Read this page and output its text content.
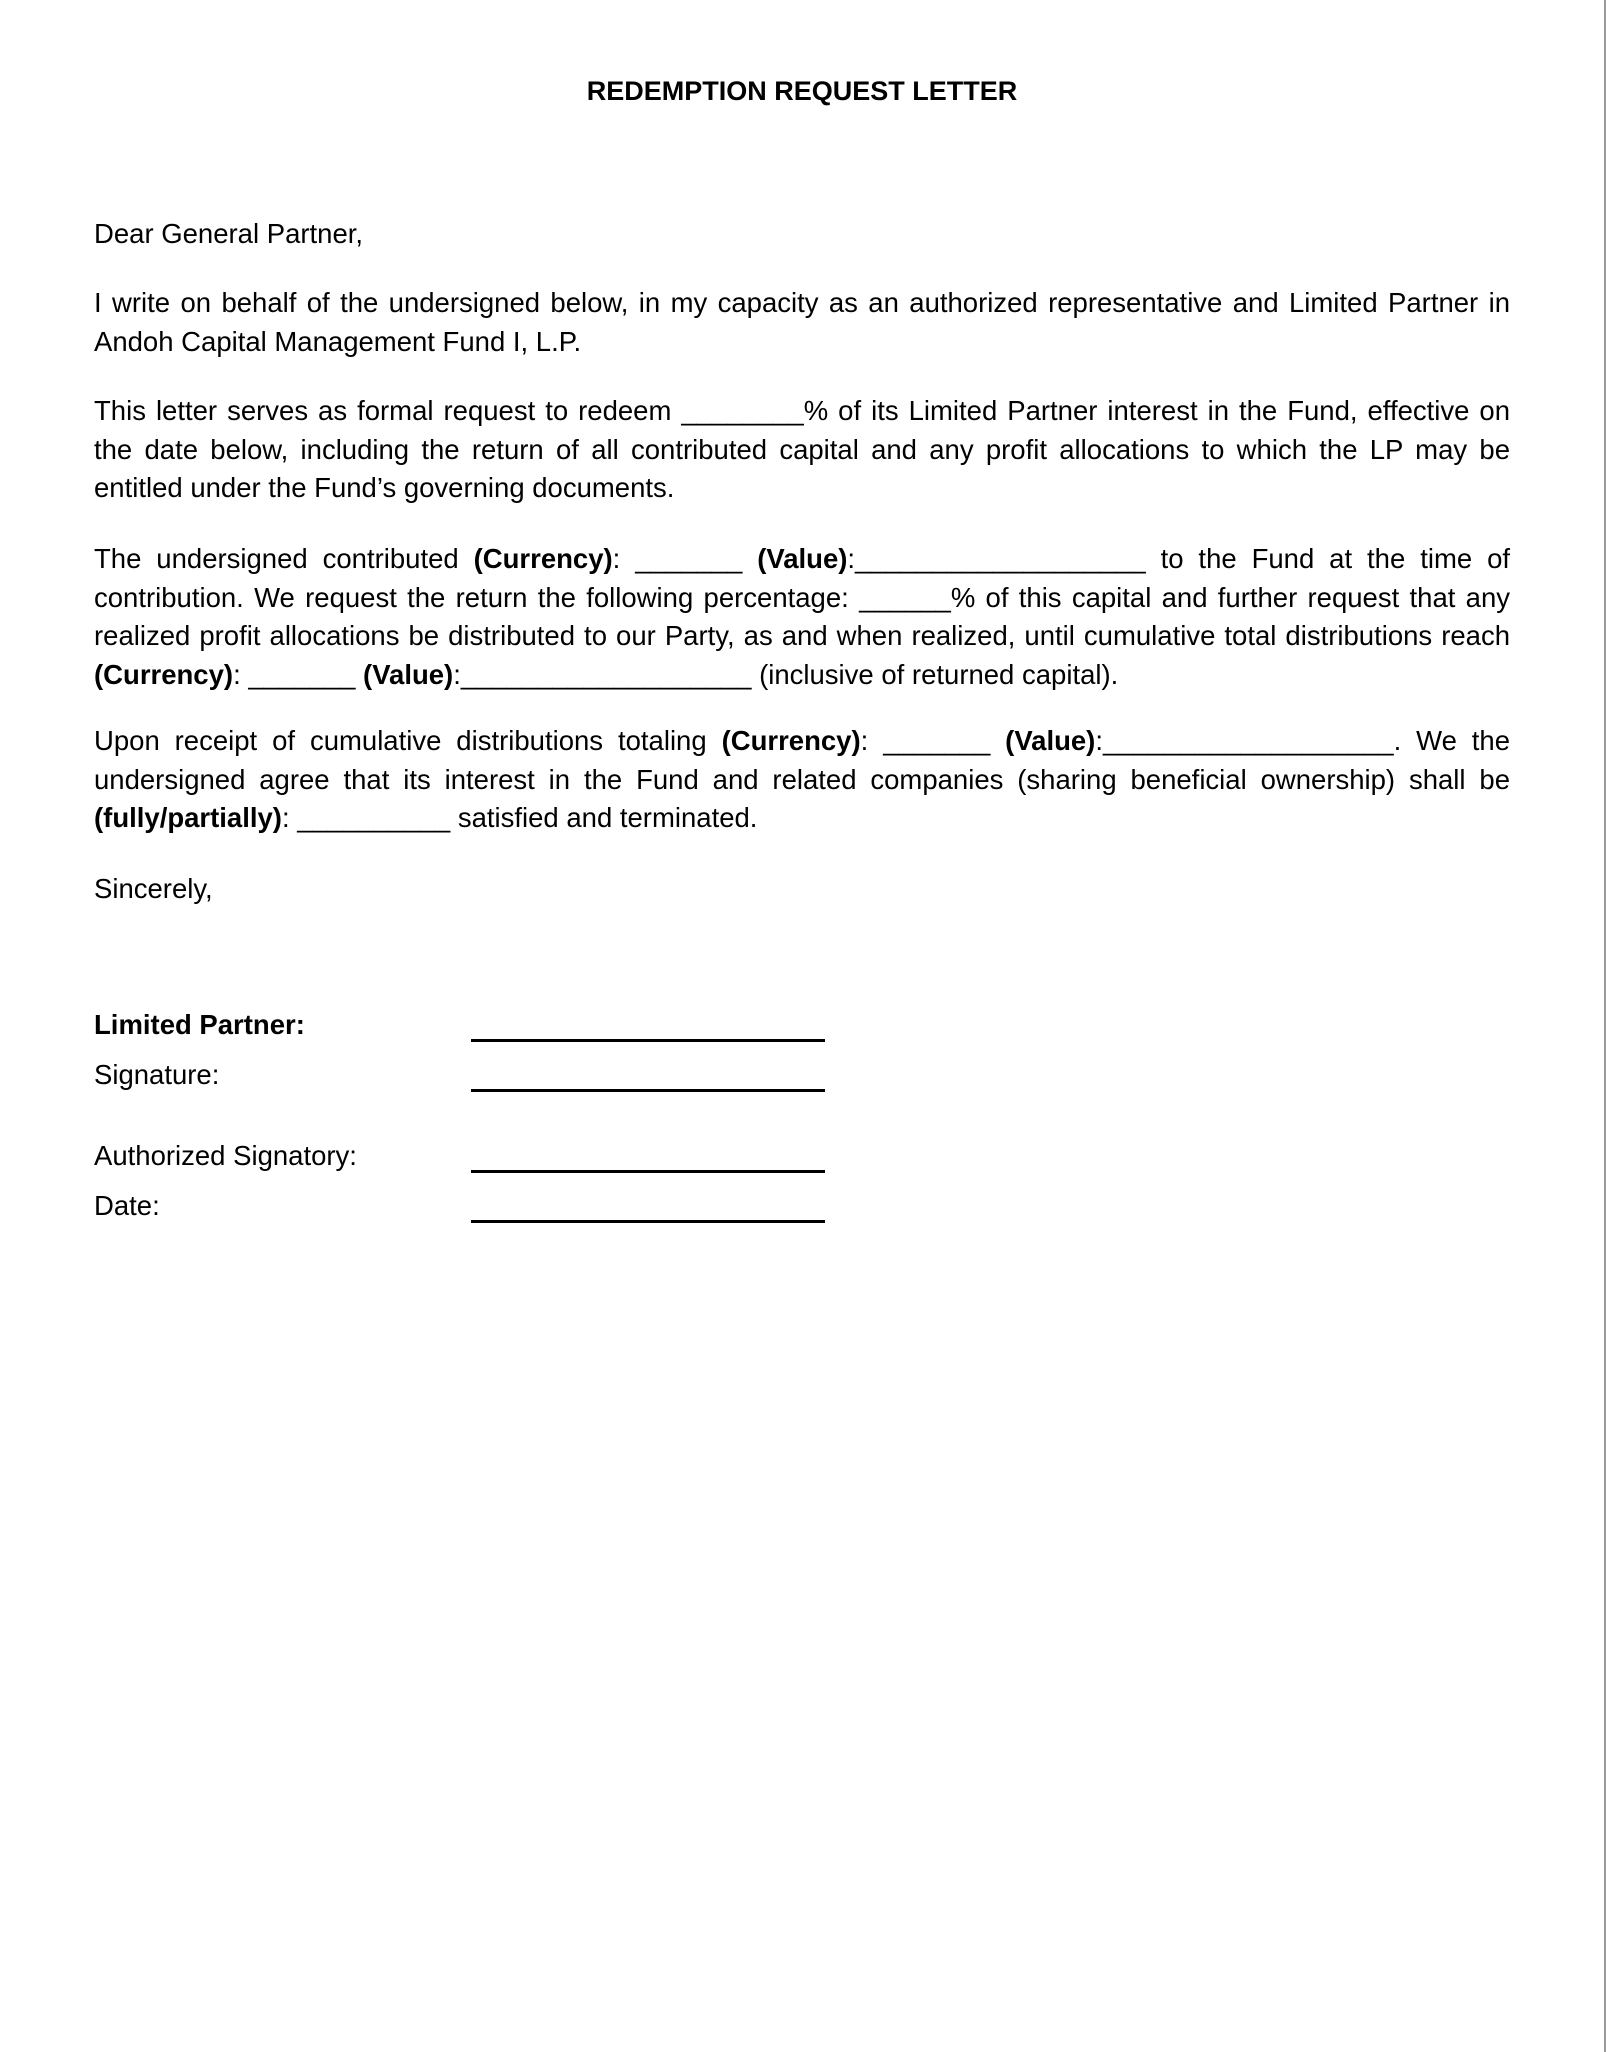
REDEMPTION REQUEST LETTER

Dear General Partner,

I write on behalf of the undersigned below, in my capacity as an authorized representative and Limited Partner in Andoh Capital Management Fund I, L.P.

This letter serves as formal request to redeem ________% of its Limited Partner interest in the Fund, effective on the date below, including the return of all contributed capital and any profit allocations to which the LP may be entitled under the Fund’s governing documents.

The undersigned contributed (Currency): _______ (Value):___________________ to the Fund at the time of contribution. We request the return the following percentage: ______% of this capital and further request that any realized profit allocations be distributed to our Party, as and when realized, until cumulative total distributions reach (Currency): _______ (Value):___________________ (inclusive of returned capital).

Upon receipt of cumulative distributions totaling (Currency): _______ (Value):___________________. We the undersigned agree that its interest in the Fund and related companies (sharing beneficial ownership) shall be (fully/partially): __________ satisfied and terminated.

Sincerely,

Limited Partner:
Signature:
Authorized Signatory:
Date:
